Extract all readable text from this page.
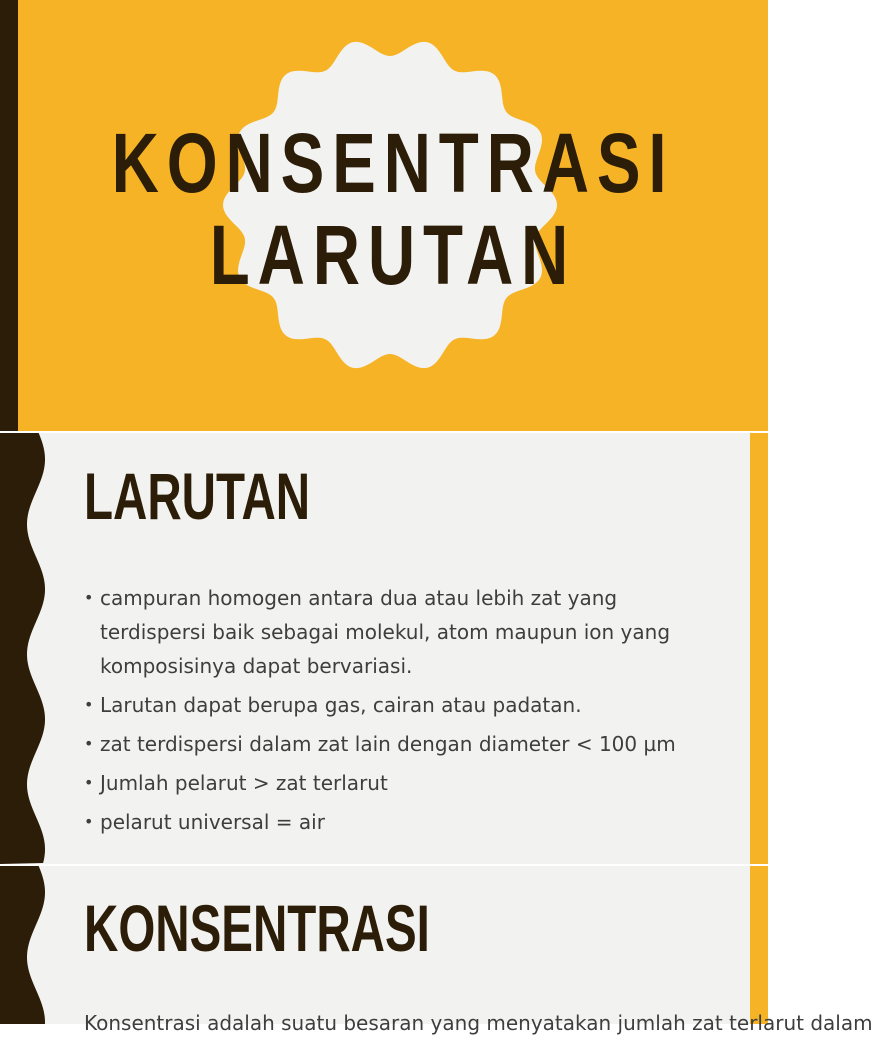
KONSENTRASI
LARUTAN
LARUTAN
• campuran homogen antara dua atau lebih zat yang terdispersi baik sebagai molekul, atom maupun ion yang komposisinya dapat bervariasi.
• Larutan dapat berupa gas, cairan atau padatan.
• zat terdispersi dalam zat lain dengan diameter < 100 µm
• Jumlah pelarut > zat terlarut
• pelarut universal = air
KONSENTRASI
Konsentrasi adalah suatu besaran yang menyatakan jumlah zat terlarut dalam
